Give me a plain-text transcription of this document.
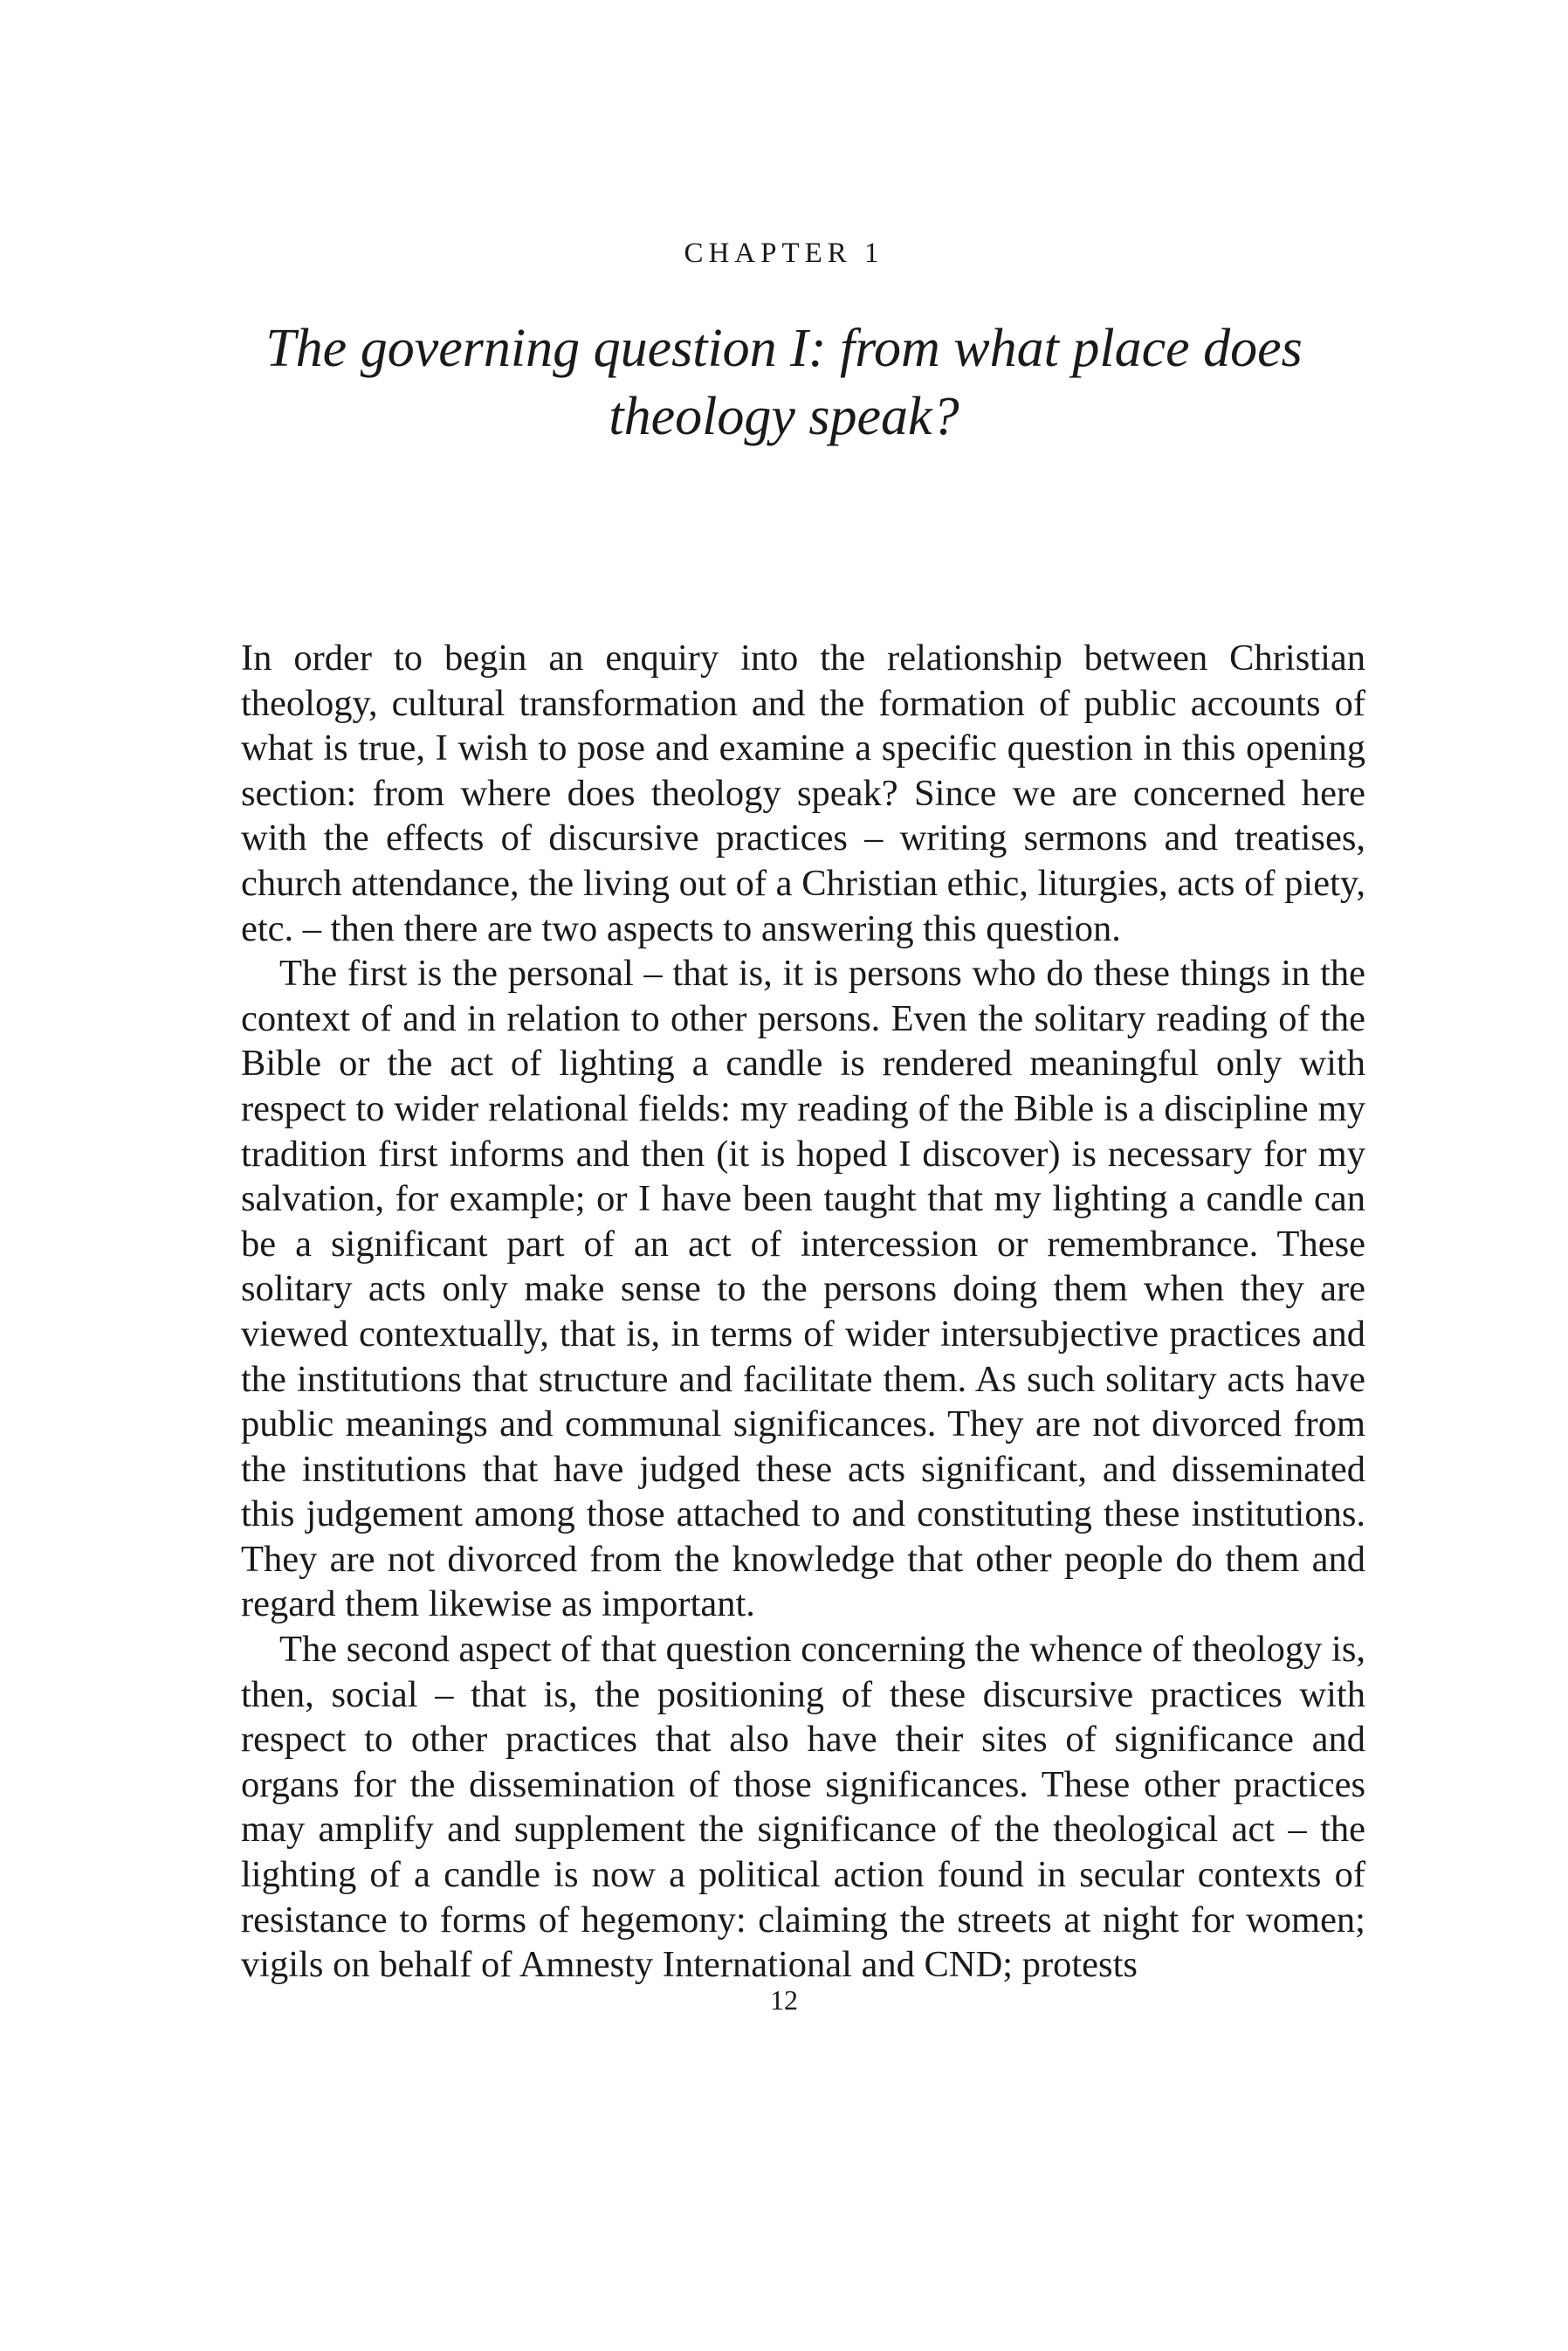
CHAPTER 1
The governing question I: from what place does
theology speak?

In order to begin an enquiry into the relationship between Christian theology, cultural transformation and the formation of public accounts of what is true, I wish to pose and examine a specific question in this opening section: from where does theology speak? Since we are concerned here with the effects of discursive practices – writing sermons and treatises, church attendance, the living out of a Christian ethic, liturgies, acts of piety, etc. – then there are two aspects to answering this question.

The first is the personal – that is, it is persons who do these things in the context of and in relation to other persons. Even the solitary reading of the Bible or the act of lighting a candle is rendered meaningful only with respect to wider relational fields: my reading of the Bible is a discipline my tradition first informs and then (it is hoped I discover) is necessary for my salvation, for example; or I have been taught that my lighting a candle can be a significant part of an act of intercession or remembrance. These solitary acts only make sense to the persons doing them when they are viewed contextually, that is, in terms of wider intersubjective practices and the institutions that structure and facilitate them. As such solitary acts have public meanings and communal significances. They are not divorced from the institutions that have judged these acts significant, and disseminated this judgement among those attached to and constituting these institutions. They are not divorced from the knowledge that other people do them and regard them likewise as important.

The second aspect of that question concerning the whence of theology is, then, social – that is, the positioning of these discursive practices with respect to other practices that also have their sites of significance and organs for the dissemination of those significances. These other practices may amplify and supplement the significance of the theological act – the lighting of a candle is now a political action found in secular contexts of resistance to forms of hegemony: claiming the streets at night for women; vigils on behalf of Amnesty International and CND; protests

12
